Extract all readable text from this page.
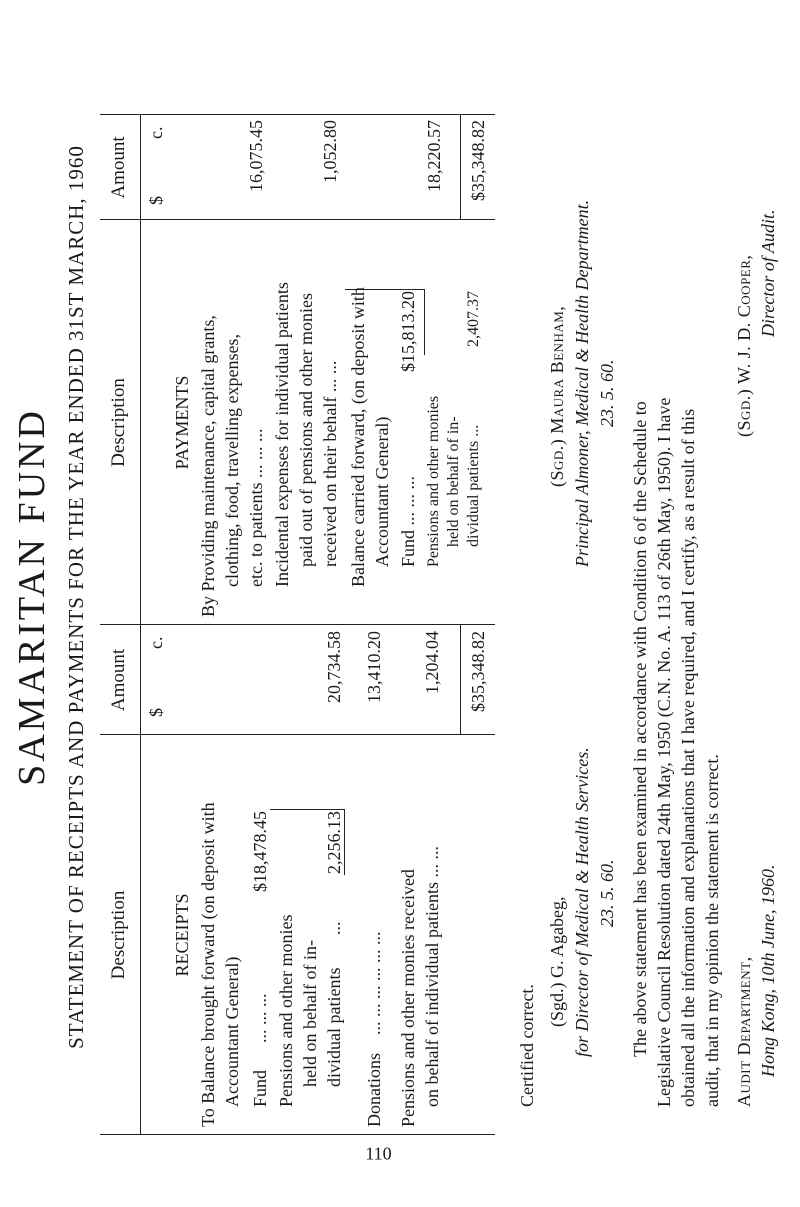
SAMARITAN FUND STATEMENT OF RECEIPTS AND PAYMENTS FOR THE YEAR ENDED 31ST MARCH, 1960 Description
Amount
Description
Amount
$
c.
$
c.
RECEIPTS To Balance brought forward (on deposit with Accountant General) Fund
... ... ...
$18,478.45
Pensions and other monies held on behalf of in- dividual patients
...
2,256.13
20,734.58
Donations
... ... ... ... ... ...
13,410.20
Pensions and other monies received on behalf of individual patients ... ...
1,204.04 $35,348.82
PAYMENTS By Providing maintenance, capital grants, clothing, food, travelling expenses, etc. to patients ... ... ...
16,075.45
Incidental expenses for individual patients paid out of pensions and other monies received on their behalf ... ...
1,052.80
Balance carried forward, (on deposit with Accountant General) Fund ... ... ...
$15,813.20
Pensions and other monies held on behalf of in- dividual patients ...
2,407.37
18,220.57 $35,348.82
Certified correct.
(Sgd.) G. Agabeg, for Director of Medical & Health Services. 23. 5. 60.
(Sgd.) Maura Benham, Principal Almoner, Medical & Health Department. 23. 5. 60.
The above statement has been examined in accordance with Condition 6 of the Schedule to Legislative Council Resolution dated 24th May, 1950 (C.N. No. A. 113 of 26th May, 1950). I have obtained all the information and explanations that I have required, and I certify, as a result of this audit, that in my opinion the statement is correct. Audit Department, Hong Kong, 10th June, 1960.
(Sgd.) W. J. D. Cooper, Director of Audit.
110
